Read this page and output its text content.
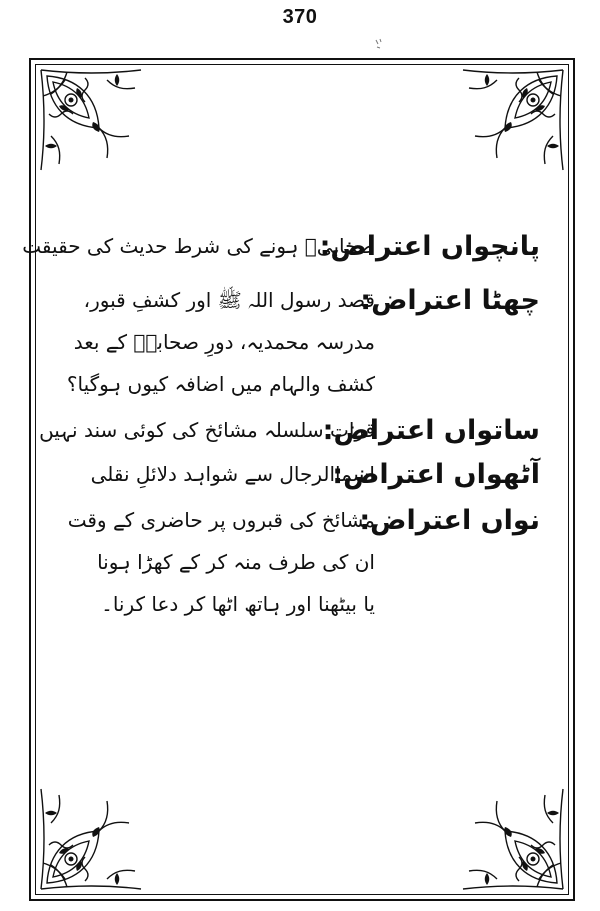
370
پانچواں اعتراض:
صحابیؓ ہونے کی شرط حدیث کی حقیقت
چھٹا اعتراض:
قصد رسول اللہ ﷺ اور کشفِ قبور،
مدرسہ محمدیہ، دورِ صحابہؓ کے بعد
کشف والہام میں اضافہ کیوں ہوگیا؟
ساتواں اعتراض:
قرات سلسلہ مشائخ کی کوئی سند نہیں
آٹھواں اعتراض:
اسماالرجال سے شواہد دلائلِ نقلی
نواں اعتراض:
مشائخ کی قبروں پر حاضری کے وقت
ان کی طرف منہ کر کے کھڑا ہونا
یا بیٹھنا اور ہاتھ اٹھا کر دعا کرنا۔
